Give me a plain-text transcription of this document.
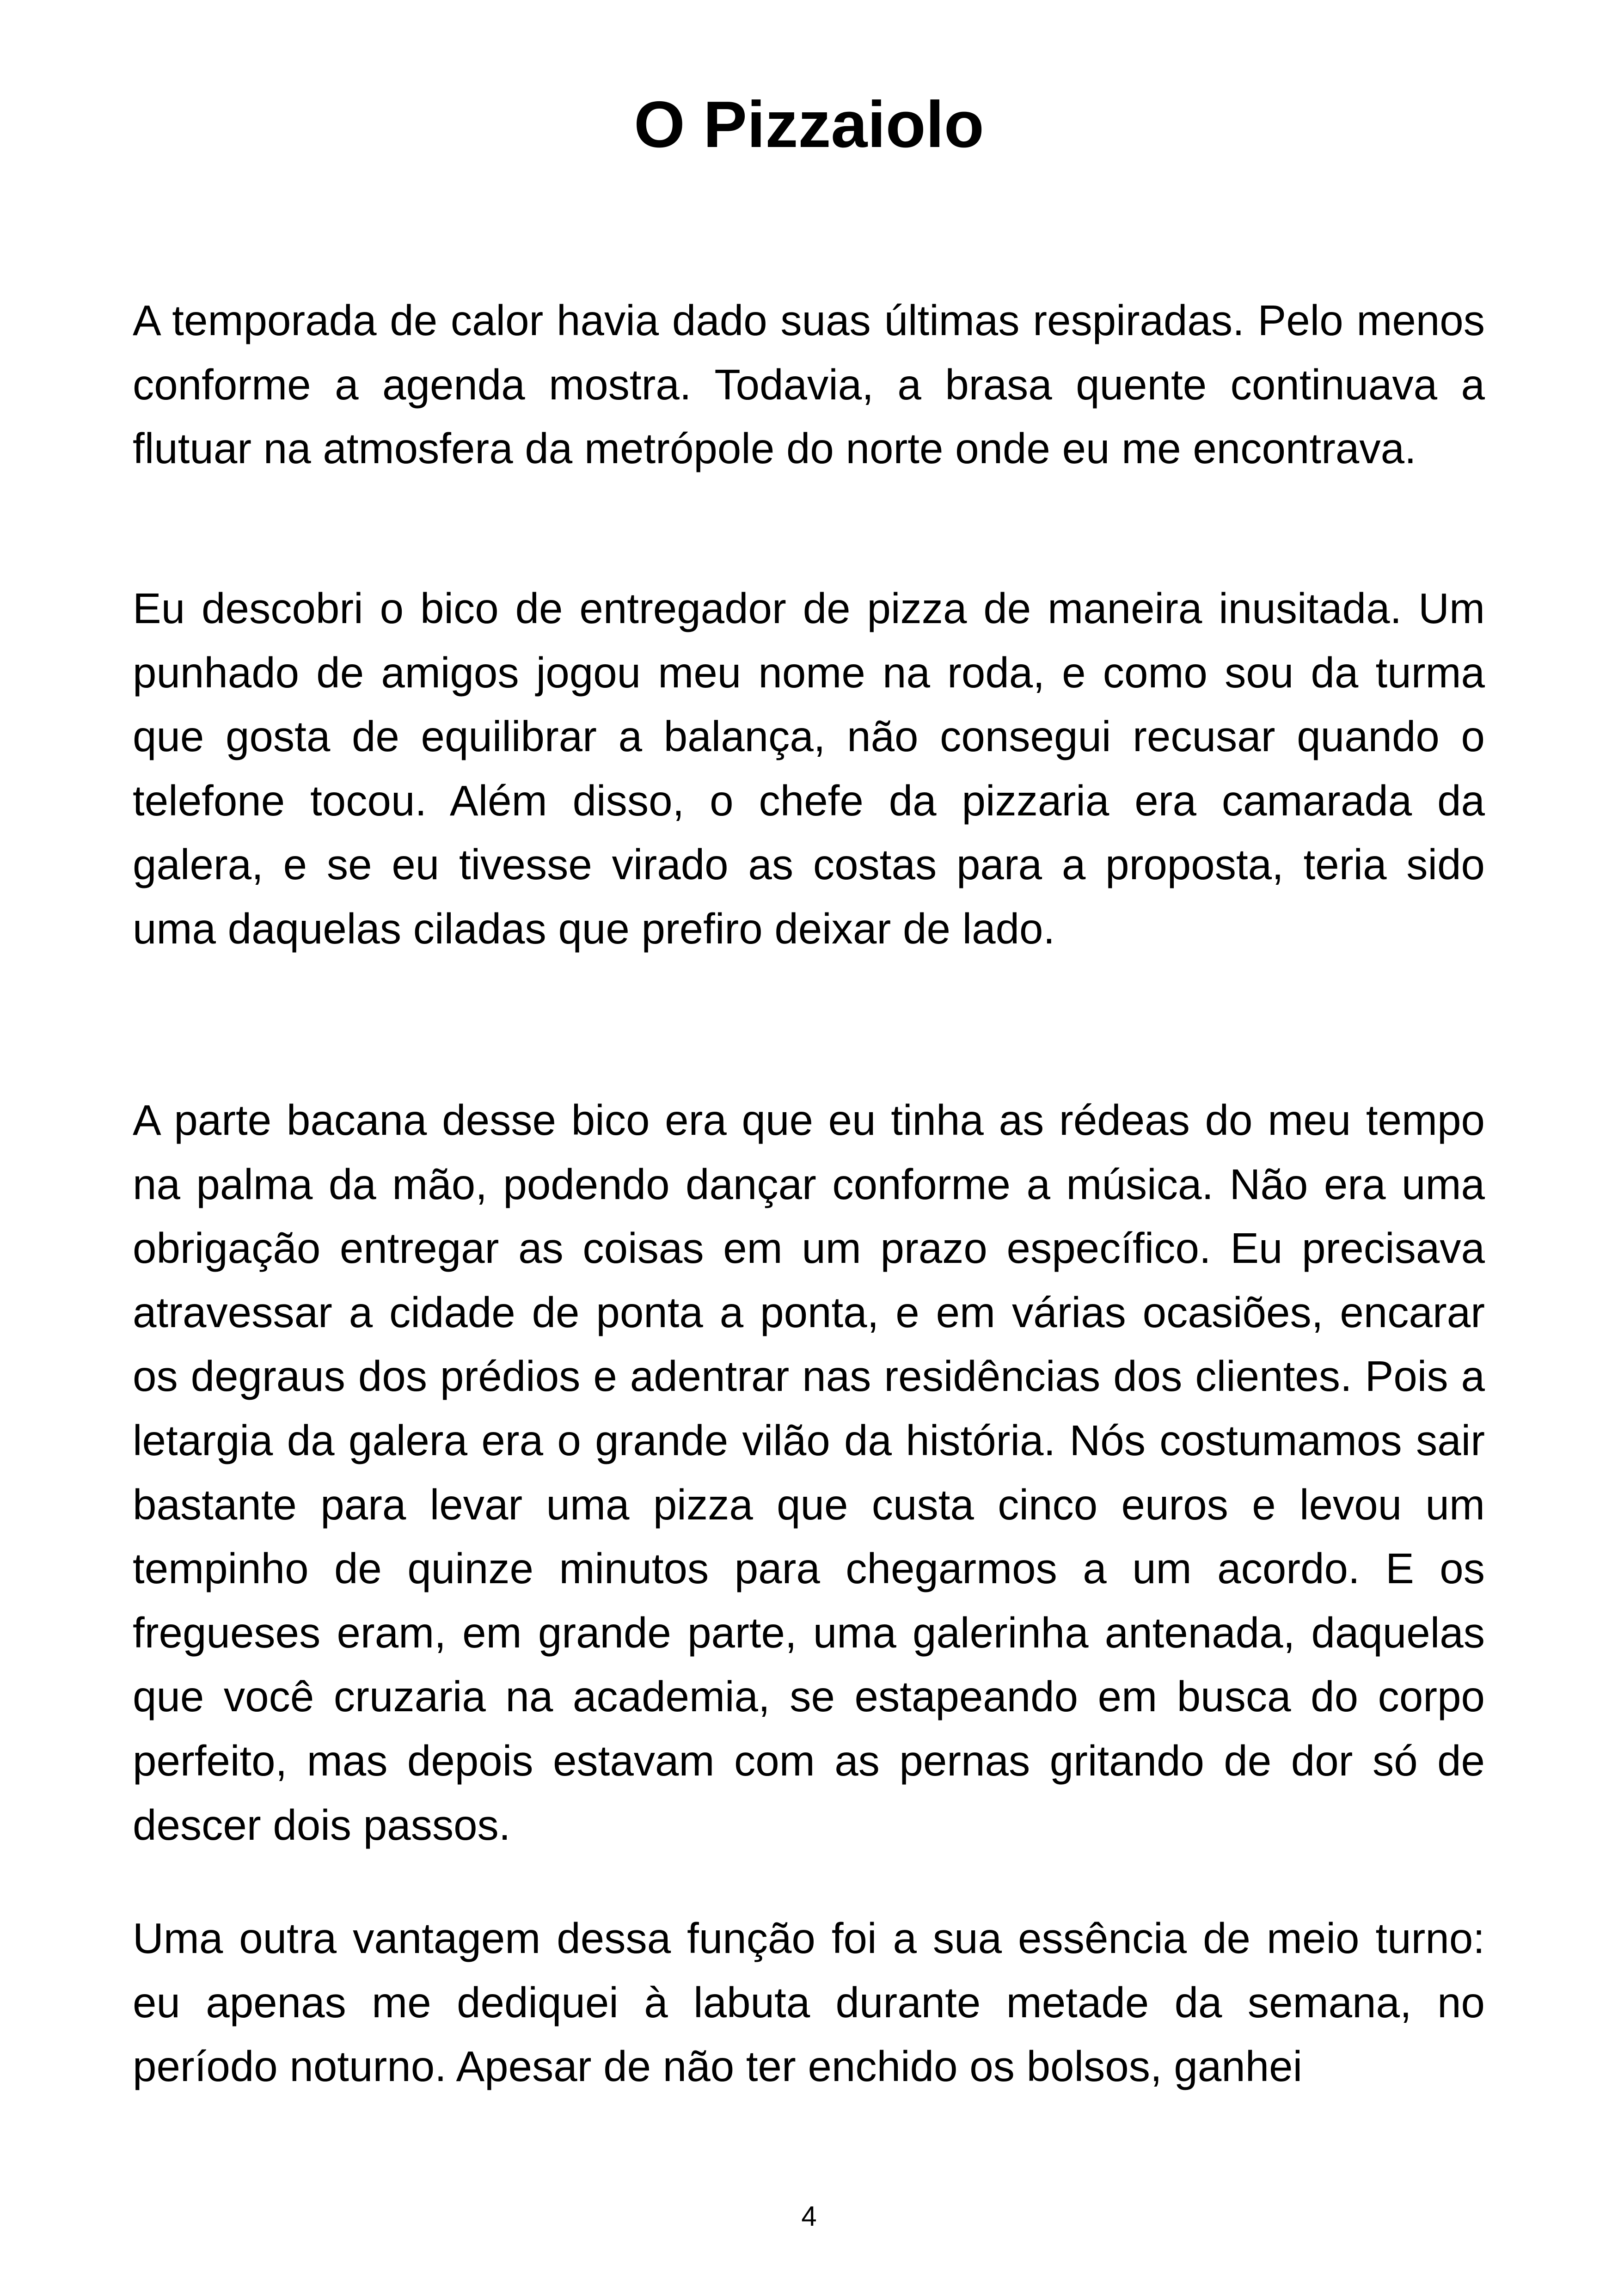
O Pizzaiolo

A temporada de calor havia dado suas últimas respiradas. Pelo menos conforme a agenda mostra. Todavia, a brasa quente continuava a flutuar na atmosfera da metrópole do norte onde eu me encontrava.

Eu descobri o bico de entregador de pizza de maneira inusitada. Um punhado de amigos jogou meu nome na roda, e como sou da turma que gosta de equilibrar a balança, não consegui recusar quando o telefone tocou. Além disso, o chefe da pizzaria era camarada da galera, e se eu tivesse virado as costas para a proposta, teria sido uma daquelas ciladas que prefiro deixar de lado.

A parte bacana desse bico era que eu tinha as rédeas do meu tempo na palma da mão, podendo dançar conforme a música. Não era uma obrigação entregar as coisas em um prazo específico. Eu precisava atravessar a cidade de ponta a ponta, e em várias ocasiões, encarar os degraus dos prédios e adentrar nas residências dos clientes. Pois a letargia da galera era o grande vilão da história. Nós costumamos sair bastante para levar uma pizza que custa cinco euros e levou um tempinho de quinze minutos para chegarmos a um acordo. E os fregueses eram, em grande parte, uma galerinha antenada, daquelas que você cruzaria na academia, se estapeando em busca do corpo perfeito, mas depois estavam com as pernas gritando de dor só de descer dois passos.

Uma outra vantagem dessa função foi a sua essência de meio turno: eu apenas me dediquei à labuta durante metade da semana, no período noturno. Apesar de não ter enchido os bolsos, ganhei

4
